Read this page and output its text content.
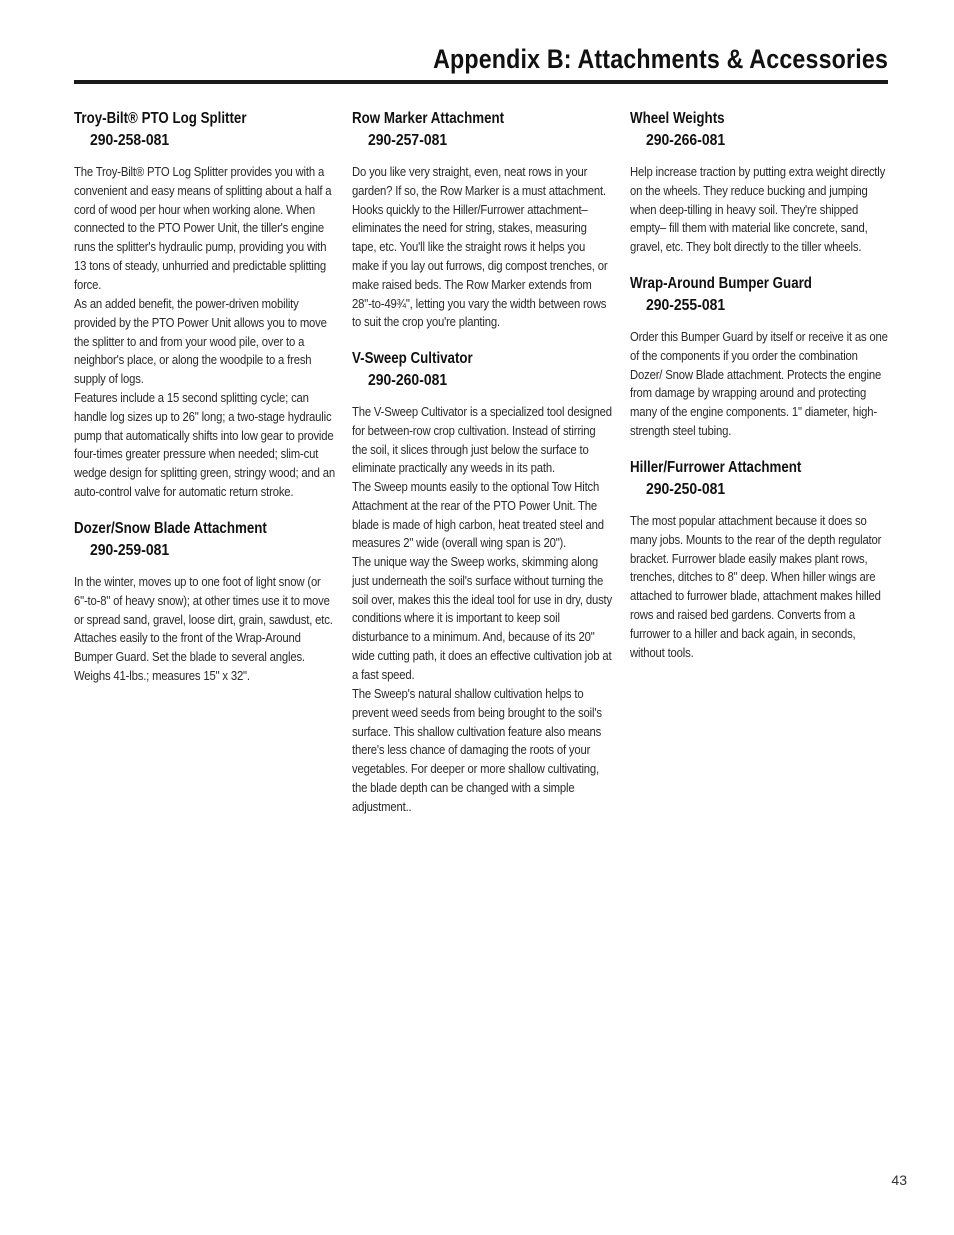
Appendix B: Attachments & Accessories
Troy-Bilt® PTO Log Splitter
290-258-081

The Troy-Bilt® PTO Log Splitter provides you with a convenient and easy means of splitting about a half a cord of wood per hour when working alone. When connected to the PTO Power Unit, the tiller's engine runs the splitter's hydraulic pump, providing you with 13 tons of steady, unhurried and predictable splitting force.

As an added benefit, the power-driven mobility provided by the PTO Power Unit allows you to move the splitter to and from your wood pile, over to a neighbor's place, or along the woodpile to a fresh supply of logs.

Features include a 15 second splitting cycle; can handle log sizes up to 26" long; a two-stage hydraulic pump that automatically shifts into low gear to provide four-times greater pressure when needed; slim-cut wedge design for splitting green, stringy wood; and an auto-control valve for automatic return stroke.

Dozer/Snow Blade Attachment
290-259-081

In the winter, moves up to one foot of light snow (or 6"-to-8" of heavy snow); at other times use it to move or spread sand, gravel, loose dirt, grain, sawdust, etc. Attaches easily to the front of the Wrap-Around Bumper Guard. Set the blade to several angles. Weighs 41-lbs.; measures 15" x 32".

Row Marker Attachment
290-257-081

Do you like very straight, even, neat rows in your garden? If so, the Row Marker is a must attachment. Hooks quickly to the Hiller/Furrower attachment– eliminates the need for string, stakes, measuring tape, etc. You'll like the straight rows it helps you make if you lay out furrows, dig compost trenches, or make raised beds. The Row Marker extends from 28"-to-49¾", letting you vary the width between rows to suit the crop you're planting.

V-Sweep Cultivator
290-260-081

The V-Sweep Cultivator is a specialized tool designed for between-row crop cultivation. Instead of stirring the soil, it slices through just below the surface to eliminate practically any weeds in its path.

The Sweep mounts easily to the optional Tow Hitch Attachment at the rear of the PTO Power Unit. The blade is made of high carbon, heat treated steel and measures 2" wide (overall wing span is 20").

The unique way the Sweep works, skimming along just underneath the soil's surface without turning the soil over, makes this the ideal tool for use in dry, dusty conditions where it is important to keep soil disturbance to a minimum. And, because of its 20" wide cutting path, it does an effective cultivation job at a fast speed.

The Sweep's natural shallow cultivation helps to prevent weed seeds from being brought to the soil's surface. This shallow cultivation feature also means there's less chance of damaging the roots of your vegetables. For deeper or more shallow cultivating, the blade depth can be changed with a simple adjustment..

Wheel Weights
290-266-081

Help increase traction by putting extra weight directly on the wheels. They reduce bucking and jumping when deep-tilling in heavy soil. They're shipped empty– fill them with material like concrete, sand, gravel, etc. They bolt directly to the tiller wheels.

Wrap-Around Bumper Guard
290-255-081

Order this Bumper Guard by itself or receive it as one of the components if you order the combination Dozer/ Snow Blade attachment. Protects the engine from damage by wrapping around and protecting many of the engine components. 1" diameter, high-strength steel tubing.

Hiller/Furrower Attachment
290-250-081

The most popular attachment because it does so many jobs. Mounts to the rear of the depth regulator bracket. Furrower blade easily makes plant rows, trenches, ditches to 8" deep. When hiller wings are attached to furrower blade, attachment makes hilled rows and raised bed gardens. Converts from a furrower to a hiller and back again, in seconds, without tools.

43
